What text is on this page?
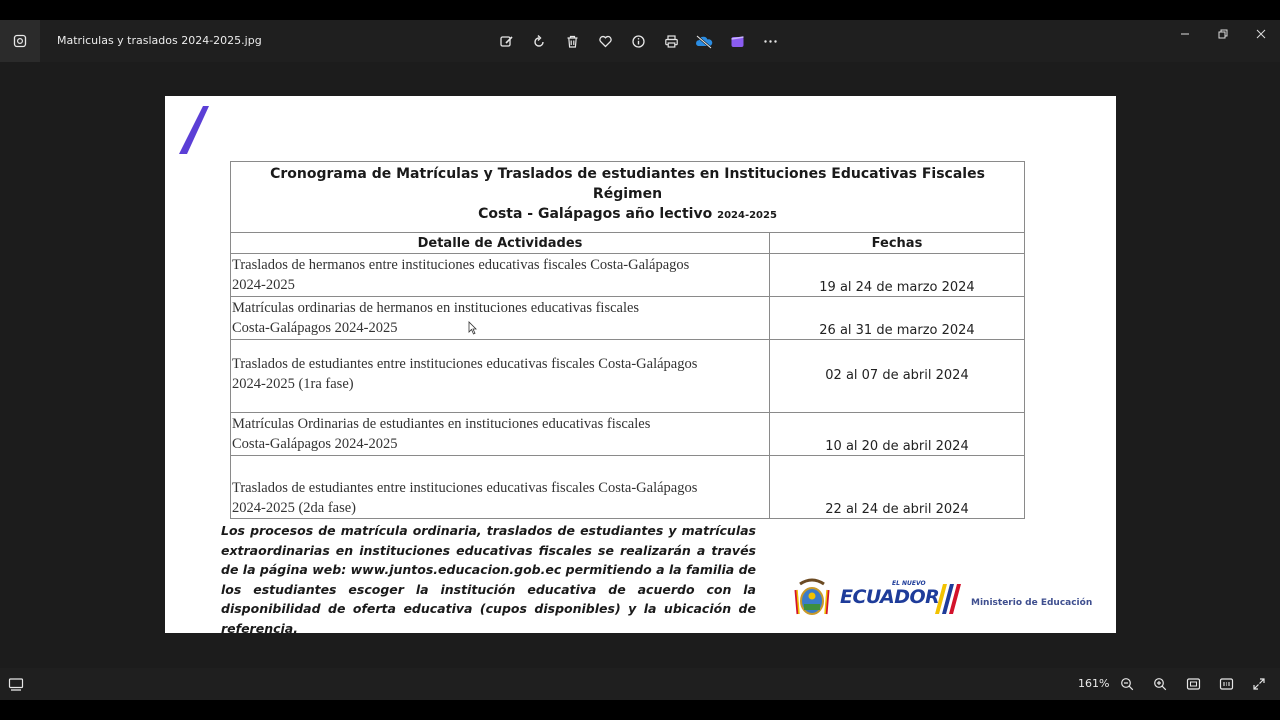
Matriculas y traslados 2024-2025.jpg
Cronograma de Matrículas y Traslados de estudiantes en Instituciones Educativas Fiscales Régimen
Costa - Galápagos año lectivo 2024-2025	
Detalle de Actividades	Fechas
Traslados de hermanos entre instituciones educativas fiscales Costa-Galápagos
2024-2025	19 al 24 de marzo 2024
Matrículas ordinarias de hermanos en instituciones educativas fiscales
Costa-Galápagos 2024-2025	26 al 31 de marzo 2024
Traslados de estudiantes entre instituciones educativas fiscales Costa-Galápagos
2024-2025 (1ra fase)	02 al 07 de abril 2024
Matrículas Ordinarias de estudiantes en instituciones educativas fiscales
Costa-Galápagos 2024-2025	10 al 20 de abril 2024
Traslados de estudiantes entre instituciones educativas fiscales Costa-Galápagos
2024-2025 (2da fase)	22 al 24 de abril 2024
Los procesos de matrícula ordinaria, traslados de estudiantes y matrículas extraordinarias en instituciones educativas fiscales se realizarán a través de la página web: www.juntos.educacion.gob.ec permitiendo a la familia de los estudiantes escoger la institución educativa de acuerdo con la disponibilidad de oferta educativa (cupos disponibles) y la ubicación de referencia.
EL NUEVO
ECUADOR	Ministerio de Educación
161%
